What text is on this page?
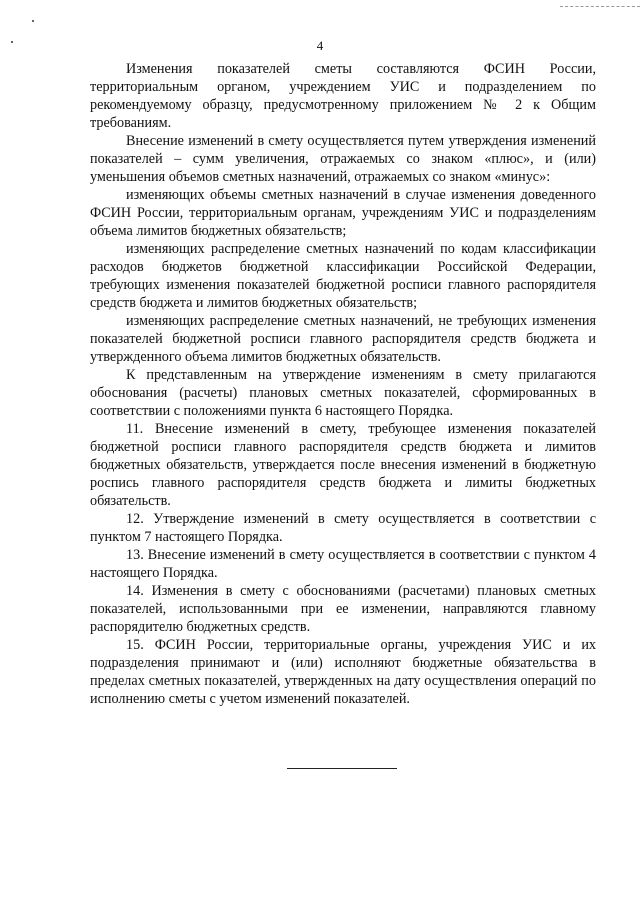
4

Изменения показателей сметы составляются ФСИН России, территориальным органом, учреждением УИС и подразделением по рекомендуемому образцу, предусмотренному приложением № 2 к Общим требованиям.

Внесение изменений в смету осуществляется путем утверждения изменений показателей – сумм увеличения, отражаемых со знаком «плюс», и (или) уменьшения объемов сметных назначений, отражаемых со знаком «минус»:

изменяющих объемы сметных назначений в случае изменения доведенного ФСИН России, территориальным органам, учреждениям УИС и подразделениям объема лимитов бюджетных обязательств;

изменяющих распределение сметных назначений по кодам классификации расходов бюджетов бюджетной классификации Российской Федерации, требующих изменения показателей бюджетной росписи главного распорядителя средств бюджета и лимитов бюджетных обязательств;

изменяющих распределение сметных назначений, не требующих изменения показателей бюджетной росписи главного распорядителя средств бюджета и утвержденного объема лимитов бюджетных обязательств.

К представленным на утверждение изменениям в смету прилагаются обоснования (расчеты) плановых сметных показателей, сформированных в соответствии с положениями пункта 6 настоящего Порядка.

11. Внесение изменений в смету, требующее изменения показателей бюджетной росписи главного распорядителя средств бюджета и лимитов бюджетных обязательств, утверждается после внесения изменений в бюджетную роспись главного распорядителя средств бюджета и лимиты бюджетных обязательств.

12. Утверждение изменений в смету осуществляется в соответствии с пунктом 7 настоящего Порядка.

13. Внесение изменений в смету осуществляется в соответствии с пунктом 4 настоящего Порядка.

14. Изменения в смету с обоснованиями (расчетами) плановых сметных показателей, использованными при ее изменении, направляются главному распорядителю бюджетных средств.

15. ФСИН России, территориальные органы, учреждения УИС и их подразделения принимают и (или) исполняют бюджетные обязательства в пределах сметных показателей, утвержденных на дату осуществления операций по исполнению сметы с учетом изменений показателей.
